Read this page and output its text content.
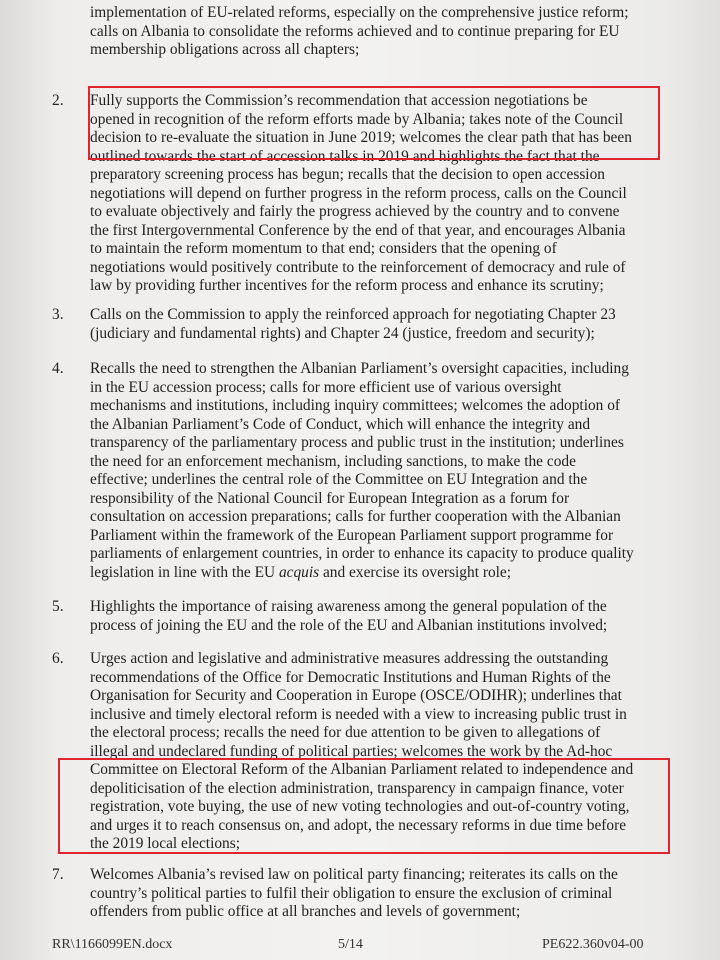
implementation of EU-related reforms, especially on the comprehensive justice reform;
calls on Albania to consolidate the reforms achieved and to continue preparing for EU
membership obligations across all chapters;
2. Fully supports the Commission’s recommendation that accession negotiations be
opened in recognition of the reform efforts made by Albania; takes note of the Council
decision to re-evaluate the situation in June 2019; welcomes the clear path that has been
outlined towards the start of accession talks in 2019 and highlights the fact that the
preparatory screening process has begun; recalls that the decision to open accession
negotiations will depend on further progress in the reform process, calls on the Council
to evaluate objectively and fairly the progress achieved by the country and to convene
the first Intergovernmental Conference by the end of that year, and encourages Albania
to maintain the reform momentum to that end; considers that the opening of
negotiations would positively contribute to the reinforcement of democracy and rule of
law by providing further incentives for the reform process and enhance its scrutiny;
3. Calls on the Commission to apply the reinforced approach for negotiating Chapter 23
(judiciary and fundamental rights) and Chapter 24 (justice, freedom and security);
4. Recalls the need to strengthen the Albanian Parliament’s oversight capacities, including
in the EU accession process; calls for more efficient use of various oversight
mechanisms and institutions, including inquiry committees; welcomes the adoption of
the Albanian Parliament’s Code of Conduct, which will enhance the integrity and
transparency of the parliamentary process and public trust in the institution; underlines
the need for an enforcement mechanism, including sanctions, to make the code
effective; underlines the central role of the Committee on EU Integration and the
responsibility of the National Council for European Integration as a forum for
consultation on accession preparations; calls for further cooperation with the Albanian
Parliament within the framework of the European Parliament support programme for
parliaments of enlargement countries, in order to enhance its capacity to produce quality
legislation in line with the EU acquis and exercise its oversight role;
5. Highlights the importance of raising awareness among the general population of the
process of joining the EU and the role of the EU and Albanian institutions involved;
6. Urges action and legislative and administrative measures addressing the outstanding
recommendations of the Office for Democratic Institutions and Human Rights of the
Organisation for Security and Cooperation in Europe (OSCE/ODIHR); underlines that
inclusive and timely electoral reform is needed with a view to increasing public trust in
the electoral process; recalls the need for due attention to be given to allegations of
illegal and undeclared funding of political parties; welcomes the work by the Ad-hoc
Committee on Electoral Reform of the Albanian Parliament related to independence and
depoliticisation of the election administration, transparency in campaign finance, voter
registration, vote buying, the use of new voting technologies and out-of-country voting,
and urges it to reach consensus on, and adopt, the necessary reforms in due time before
the 2019 local elections;
7. Welcomes Albania’s revised law on political party financing; reiterates its calls on the
country’s political parties to fulfil their obligation to ensure the exclusion of criminal
offenders from public office at all branches and levels of government;
RR\1166099EN.docx	5/14	PE622.360v04-00
